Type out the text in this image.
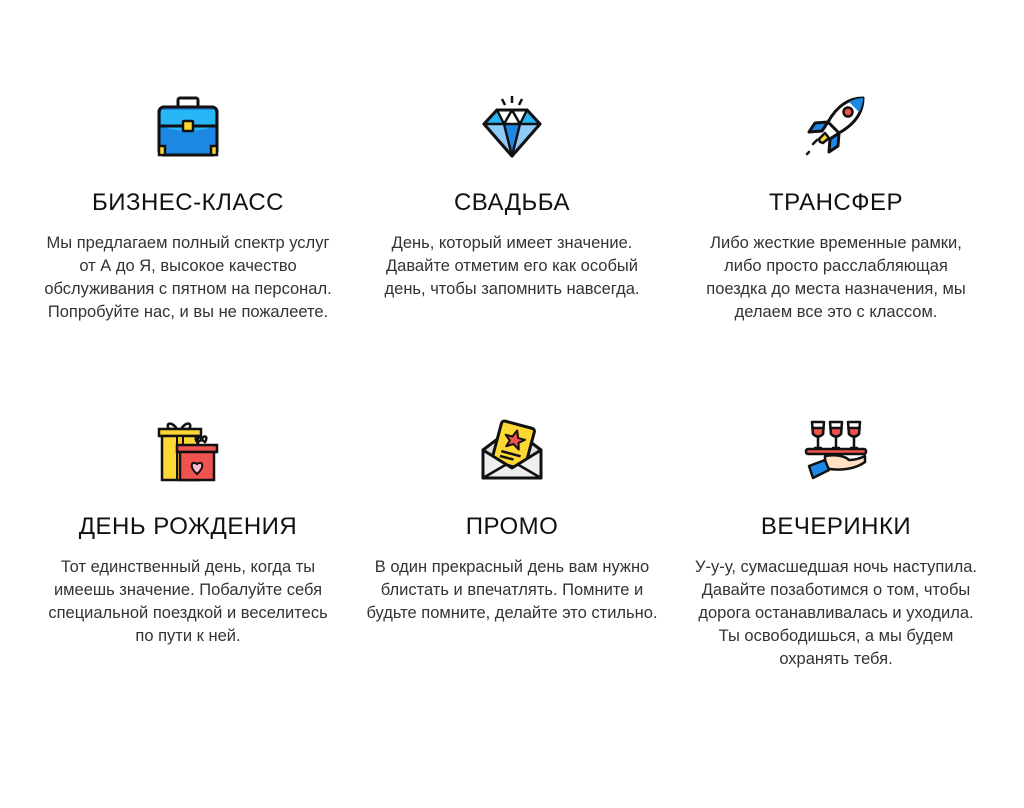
БИЗНЕС-КЛАСС

Мы предлагаем полный спектр услуг от А до Я, высокое качество обслуживания с пятном на персонал. Попробуйте нас, и вы не пожалеете.

СВАДЬБА

День, который имеет значение. Давайте отметим его как особый день, чтобы запомнить навсегда.

ТРАНСФЕР

Либо жесткие временные рамки, либо просто расслабляющая поездка до места назначения, мы делаем все это с классом.

ДЕНЬ РОЖДЕНИЯ

Тот единственный день, когда ты имеешь значение. Побалуйте себя специальной поездкой и веселитесь по пути к ней.

ПРОМО

В один прекрасный день вам нужно блистать и впечатлять. Помните и будьте помните, делайте это стильно.

ВЕЧЕРИНКИ

У-у-у, сумасшедшая ночь наступила. Давайте позаботимся о том, чтобы дорога останавливалась и уходила. Ты освободишься, а мы будем охранять тебя.
